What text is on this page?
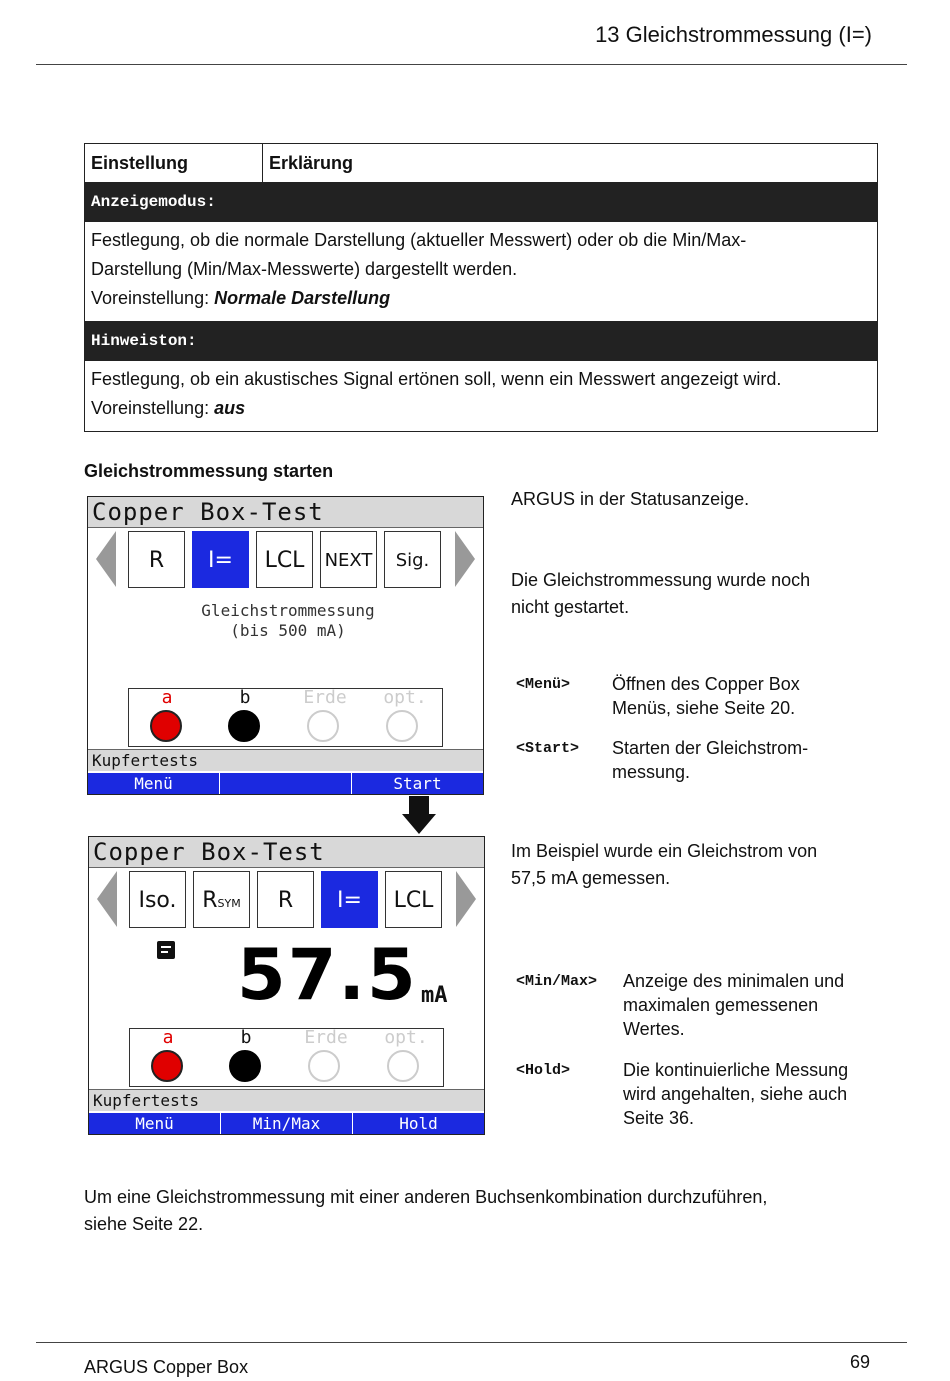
13 Gleichstrommessung (I=)
Einstellung	Erklärung
Anzeigemodus:

Festlegung, ob die normale Darstellung (aktueller Messwert) oder ob die Min/Max-
Darstellung (Min/Max-Messwerte) dargestellt werden.
Voreinstellung: Normale Darstellung

Hinweiston:

Festlegung, ob ein akustisches Signal ertönen soll, wenn ein Messwert angezeigt wird.
Voreinstellung: aus
Gleichstrommessung starten
Copper Box-Test
R	I=	LCL	NEXT	Sig.
Gleichstrommessung
(bis 500 mA)
a	b	Erde opt.
Kupfertests
Menü	Start
Copper Box-Test
Iso.	RSYM	R	I=	LCL
57.5 mA
a	b	Erde opt.
Kupfertests
Menü	Min/Max	Hold
ARGUS in der Statusanzeige.
Die Gleichstrommessung wurde noch
nicht gestartet.
<Menü> Öffnen des Copper Box
Menüs, siehe Seite 20.
<Start> Starten der Gleichstrom-
messung.
Im Beispiel wurde ein Gleichstrom von
57,5 mA gemessen.
<Min/Max> Anzeige des minimalen und
maximalen gemessenen
Wertes.
<Hold>	Die kontinuierliche Messung
wird angehalten, siehe auch
Seite 36.
Um eine Gleichstrommessung mit einer anderen Buchsenkombination durchzuführen,
siehe Seite 22.
ARGUS Copper Box	69
